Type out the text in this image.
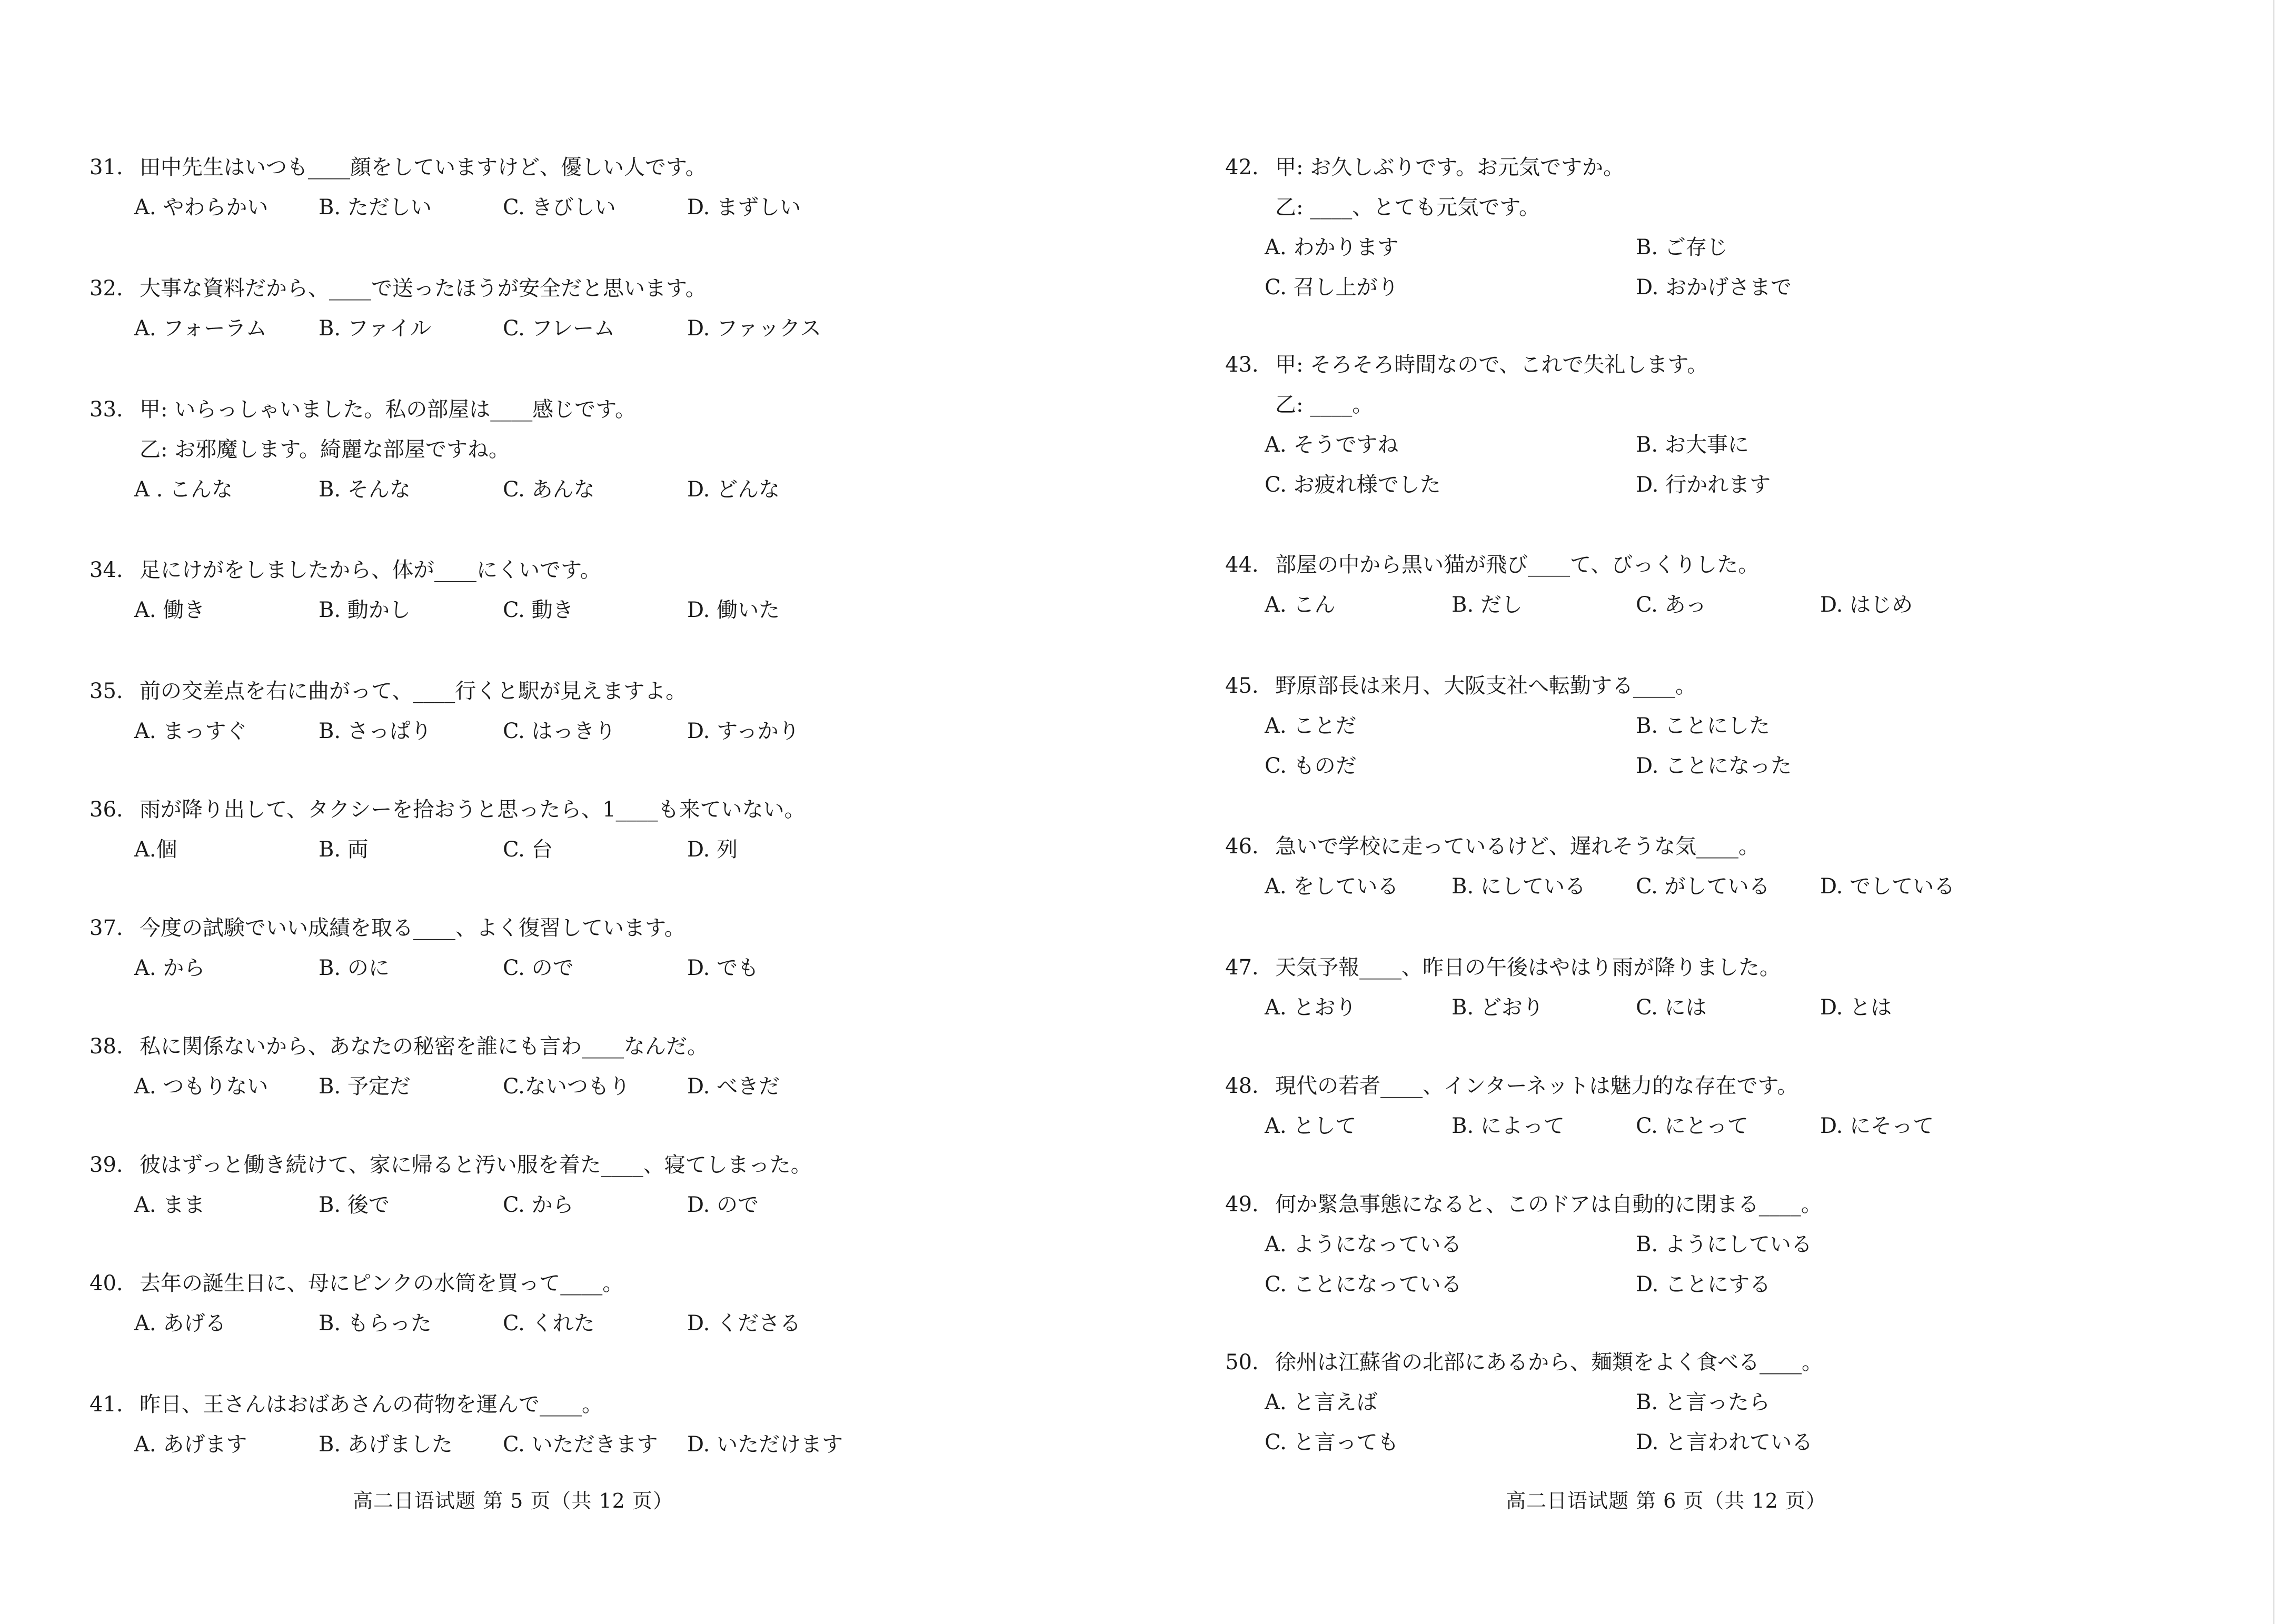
31. 田中先生はいつも____顔をしていますけど、優しい人です。
A. やわらかい B. ただしい	C. きびしい	D. まずしい
32. 大事な資料だから、____で送ったほうが安全だと思います。
A. フォーラム B. ファイル	C. フレーム	D. ファックス
33. 甲: いらっしゃいました。私の部屋は____感じです。
乙: お邪魔します。綺麗な部屋ですね。
A . こんな	B. そんな	C. あんな	D. どんな
34. 足にけがをしましたから、体が____にくいです。
A. 働き	B. 動かし	C. 動き	D. 働いた
35. 前の交差点を右に曲がって、____行くと駅が見えますよ。
A. まっすぐ	B. さっぱり	C. はっきり	D. すっかり
36. 雨が降り出して、タクシーを拾おうと思ったら、1____も来ていない。
A.個	B. 両	C. 台	D. 列
37. 今度の試験でいい成績を取る____、よく復習しています。
A. から	B. のに	C. ので	D. でも
38. 私に関係ないから、あなたの秘密を誰にも言わ____なんだ。
A. つもりない B. 予定だ	C.ないつもり	D. べきだ
39. 彼はずっと働き続けて、家に帰ると汚い服を着た____、寝てしまった。
A. まま	B. 後で	C. から	D. ので
40. 去年の誕生日に、母にピンクの水筒を買って____。
A. あげる	B. もらった	C. くれた	D. くださる
41. 昨日、王さんはおばあさんの荷物を運んで____。
A. あげます	B. あげました C. いただきます D. いただけます
高二日语试题 第 5 页（共 12 页）
42. 甲: お久しぶりです。お元気ですか。
乙: ____、とても元気です。
A. わかります	B. ご存じ
C. 召し上がり	D. おかげさまで
43. 甲: そろそろ時間なので、これで失礼します。
乙: ____。
A. そうですね	B. お大事に
C. お疲れ様でした	D. 行かれます
44. 部屋の中から黒い猫が飛び____て、びっくりした。
A. こん	B. だし	C. あっ	D. はじめ
45. 野原部長は来月、大阪支社へ転勤する____。
A. ことだ	B. ことにした
C. ものだ	D. ことになった
46. 急いで学校に走っているけど、遅れそうな気____。
A. をしている	B. にしている C. がしている D. でしている
47. 天気予報____、昨日の午後はやはり雨が降りました。
A. とおり	B. どおり	C. には	D. とは
48. 現代の若者____、インターネットは魅力的な存在です。
A. として	B. によって	C. にとって	D. にそって
49. 何か緊急事態になると、このドアは自動的に閉まる____。
A. ようになっている	B. ようにしている
C. ことになっている	D. ことにする
50. 徐州は江蘇省の北部にあるから、麺類をよく食べる____。
A. と言えば	B. と言ったら
C. と言っても	D. と言われている
高二日语试题 第 6 页（共 12 页）
